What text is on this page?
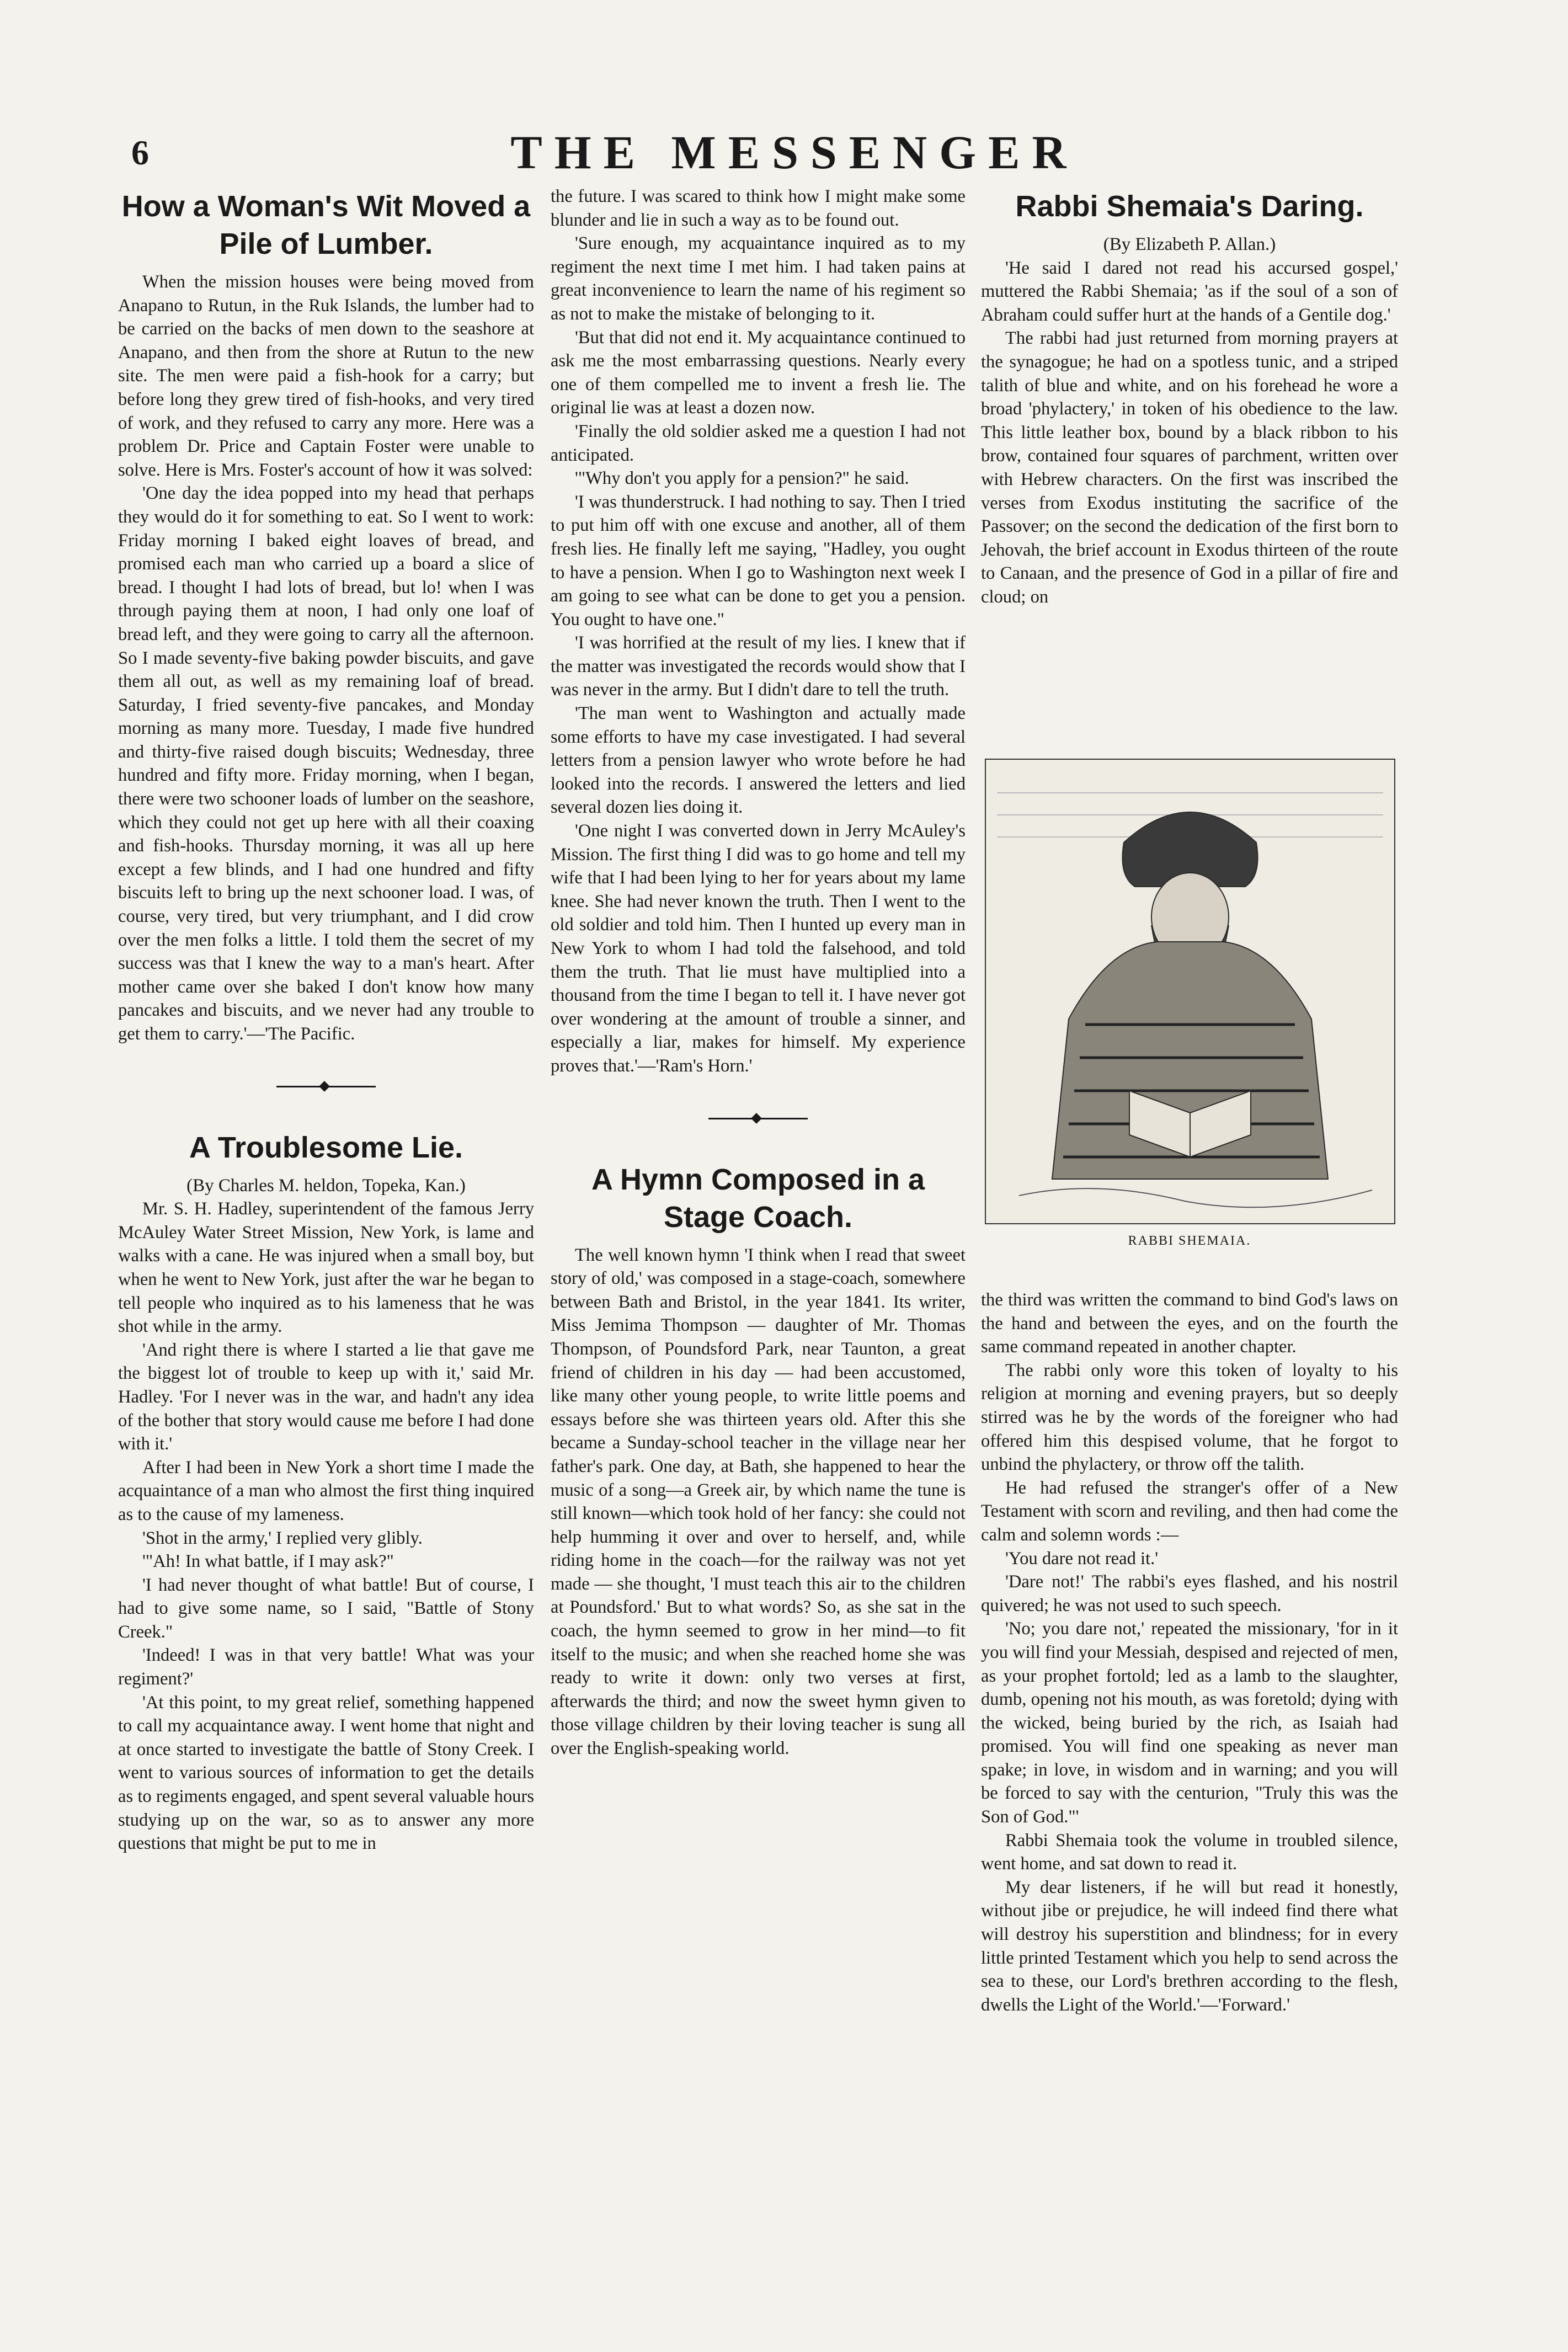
6	THE MESSENGER
How a Woman's Wit Moved a Pile of Lumber.

When the mission houses were being moved from Anapano to Rutun, in the Ruk Islands, the lumber had to be carried on the backs of men down to the seashore at Anapano, and then from the shore at Rutun to the new site. The men were paid a fish-hook for a carry; but before long they grew tired of fish-hooks, and very tired of work, and they refused to carry any more. Here was a problem Dr. Price and Captain Foster were unable to solve. Here is Mrs. Foster's account of how it was solved:

'One day the idea popped into my head that perhaps they would do it for something to eat. So I went to work: Friday morning I baked eight loaves of bread, and promised each man who carried up a board a slice of bread. I thought I had lots of bread, but lo! when I was through paying them at noon, I had only one loaf of bread left, and they were going to carry all the afternoon. So I made seventy-five baking powder biscuits, and gave them all out, as well as my remaining loaf of bread. Saturday, I fried seventy-five pancakes, and Monday morning as many more. Tuesday, I made five hundred and thirty-five raised dough biscuits; Wednesday, three hundred and fifty more. Friday morning, when I began, there were two schooner loads of lumber on the seashore, which they could not get up here with all their coaxing and fish-hooks. Thursday morning, it was all up here except a few blinds, and I had one hundred and fifty biscuits left to bring up the next schooner load. I was, of course, very tired, but very triumphant, and I did crow over the men folks a little. I told them the secret of my success was that I knew the way to a man's heart. After mother came over she baked I don't know how many pancakes and biscuits, and we never had any trouble to get them to carry.'—'The Pacific.

A Troublesome Lie.

(By Charles M. heldon, Topeka, Kan.)

Mr. S. H. Hadley, superintendent of the famous Jerry McAuley Water Street Mission, New York, is lame and walks with a cane. He was injured when a small boy, but when he went to New York, just after the war he began to tell people who inquired as to his lameness that he was shot while in the army.

'And right there is where I started a lie that gave me the biggest lot of trouble to keep up with it,' said Mr. Hadley. 'For I never was in the war, and hadn't any idea of the bother that story would cause me before I had done with it.'

After I had been in New York a short time I made the acquaintance of a man who almost the first thing inquired as to the cause of my lameness.

'Shot in the army,' I replied very glibly.

'"Ah! In what battle, if I may ask?"

'I had never thought of what battle! But of course, I had to give some name, so I said, "Battle of Stony Creek."

'Indeed! I was in that very battle! What was your regiment?'

'At this point, to my great relief, something happened to call my acquaintance away. I went home that night and at once started to investigate the battle of Stony Creek. I went to various sources of information to get the details as to regiments engaged, and spent several valuable hours studying up on the war, so as to answer any more questions that might be put to me in

the future. I was scared to think how I might make some blunder and lie in such a way as to be found out.

'Sure enough, my acquaintance inquired as to my regiment the next time I met him. I had taken pains at great inconvenience to learn the name of his regiment so as not to make the mistake of belonging to it.

'But that did not end it. My acquaintance continued to ask me the most embarrassing questions. Nearly every one of them compelled me to invent a fresh lie. The original lie was at least a dozen now.

'Finally the old soldier asked me a question I had not anticipated.

'"Why don't you apply for a pension?" he said.

'I was thunderstruck. I had nothing to say. Then I tried to put him off with one excuse and another, all of them fresh lies. He finally left me saying, "Hadley, you ought to have a pension. When I go to Washington next week I am going to see what can be done to get you a pension. You ought to have one."

'I was horrified at the result of my lies. I knew that if the matter was investigated the records would show that I was never in the army. But I didn't dare to tell the truth.

'The man went to Washington and actually made some efforts to have my case investigated. I had several letters from a pension lawyer who wrote before he had looked into the records. I answered the letters and lied several dozen lies doing it.

'One night I was converted down in Jerry McAuley's Mission. The first thing I did was to go home and tell my wife that I had been lying to her for years about my lame knee. She had never known the truth. Then I went to the old soldier and told him. Then I hunted up every man in New York to whom I had told the falsehood, and told them the truth. That lie must have multiplied into a thousand from the time I began to tell it. I have never got over wondering at the amount of trouble a sinner, and especially a liar, makes for himself. My experience proves that.'—'Ram's Horn.'

A Hymn Composed in a Stage Coach.

The well known hymn 'I think when I read that sweet story of old,' was composed in a stage-coach, somewhere between Bath and Bristol, in the year 1841. Its writer, Miss Jemima Thompson — daughter of Mr. Thomas Thompson, of Poundsford Park, near Taunton, a great friend of children in his day — had been accustomed, like many other young people, to write little poems and essays before she was thirteen years old. After this she became a Sunday-school teacher in the village near her father's park. One day, at Bath, she happened to hear the music of a song—a Greek air, by which name the tune is still known—which took hold of her fancy: she could not help humming it over and over to herself, and, while riding home in the coach—for the railway was not yet made — she thought, 'I must teach this air to the children at Poundsford.' But to what words? So, as she sat in the coach, the hymn seemed to grow in her mind—to fit itself to the music; and when she reached home she was ready to write it down: only two verses at first, afterwards the third; and now the sweet hymn given to those village children by their loving teacher is sung all over the English-speaking world.

Rabbi Shemaia's Daring.

(By Elizabeth P. Allan.)

'He said I dared not read his accursed gospel,' muttered the Rabbi Shemaia; 'as if the soul of a son of Abraham could suffer hurt at the hands of a Gentile dog.'

The rabbi had just returned from morning prayers at the synagogue; he had on a spotless tunic, and a striped talith of blue and white, and on his forehead he wore a broad 'phylactery,' in token of his obedience to the law. This little leather box, bound by a black ribbon to his brow, contained four squares of parchment, written over with Hebrew characters. On the first was inscribed the verses from Exodus instituting the sacrifice of the Passover; on the second the dedication of the first born to Jehovah, the brief account in Exodus thirteen of the route to Canaan, and the presence of God in a pillar of fire and cloud; on

RABBI SHEMAIA.

the third was written the command to bind God's laws on the hand and between the eyes, and on the fourth the same command repeated in another chapter.

The rabbi only wore this token of loyalty to his religion at morning and evening prayers, but so deeply stirred was he by the words of the foreigner who had offered him this despised volume, that he forgot to unbind the phylactery, or throw off the talith.

He had refused the stranger's offer of a New Testament with scorn and reviling, and then had come the calm and solemn words :—

'You dare not read it.'

'Dare not!' The rabbi's eyes flashed, and his nostril quivered; he was not used to such speech.

'No; you dare not,' repeated the missionary, 'for in it you will find your Messiah, despised and rejected of men, as your prophet fortold; led as a lamb to the slaughter, dumb, opening not his mouth, as was foretold; dying with the wicked, being buried by the rich, as Isaiah had promised. You will find one speaking as never man spake; in love, in wisdom and in warning; and you will be forced to say with the centurion, "Truly this was the Son of God."'

Rabbi Shemaia took the volume in troubled silence, went home, and sat down to read it.

My dear listeners, if he will but read it honestly, without jibe or prejudice, he will indeed find there what will destroy his superstition and blindness; for in every little printed Testament which you help to send across the sea to these, our Lord's brethren according to the flesh, dwells the Light of the World.'—'Forward.'
